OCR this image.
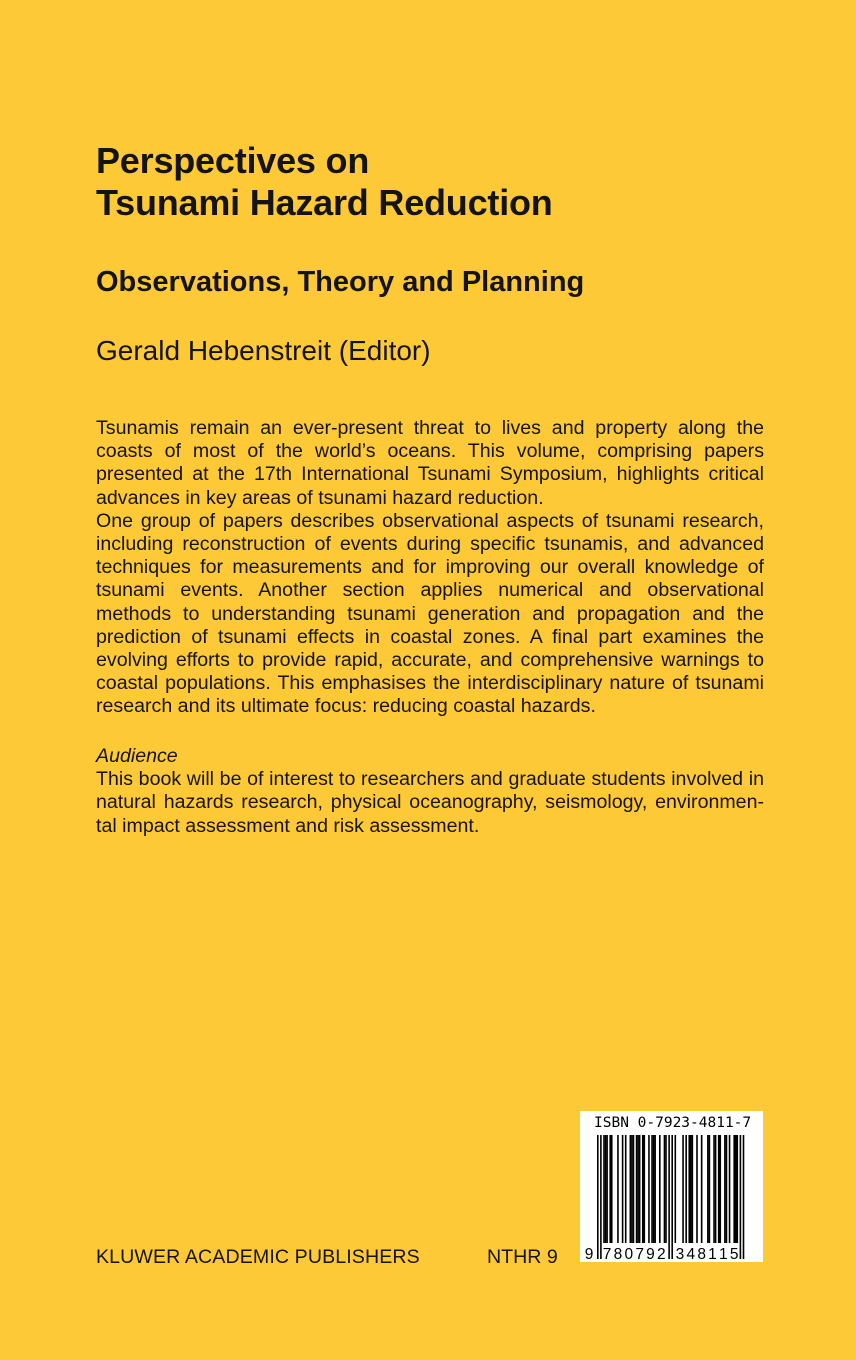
Perspectives on
Tsunami Hazard Reduction
Observations, Theory and Planning
Gerald Hebenstreit (Editor)

Tsunamis remain an ever-present threat to lives and property along the coasts of most of the world’s oceans. This volume, comprising papers presented at the 17th International Tsunami Symposium, highlights critical advances in key areas of tsunami hazard reduction.

One group of papers describes observational aspects of tsunami research, including reconstruction of events during specific tsunamis, and advanced techniques for measurements and for improving our overall knowledge of tsunami events. Another section applies numerical and observational methods to understanding tsunami generation and propagation and the prediction of tsunami effects in coastal zones. A final part examines the evolving efforts to provide rapid, accurate, and comprehensive warnings to coastal populations. This emphasises the interdisciplinary nature of tsunami research and its ultimate focus: reducing coastal hazards.

Audience

This book will be of interest to researchers and graduate students involved in natural hazards research, physical oceanography, seismology, environmen-tal impact assessment and risk assessment.

KLUWER ACADEMIC PUBLISHERS	NTHR 9
ISBN 0-7923-4811-7
9 7 8 0 7 9 2 3 4 8 1 1 5
